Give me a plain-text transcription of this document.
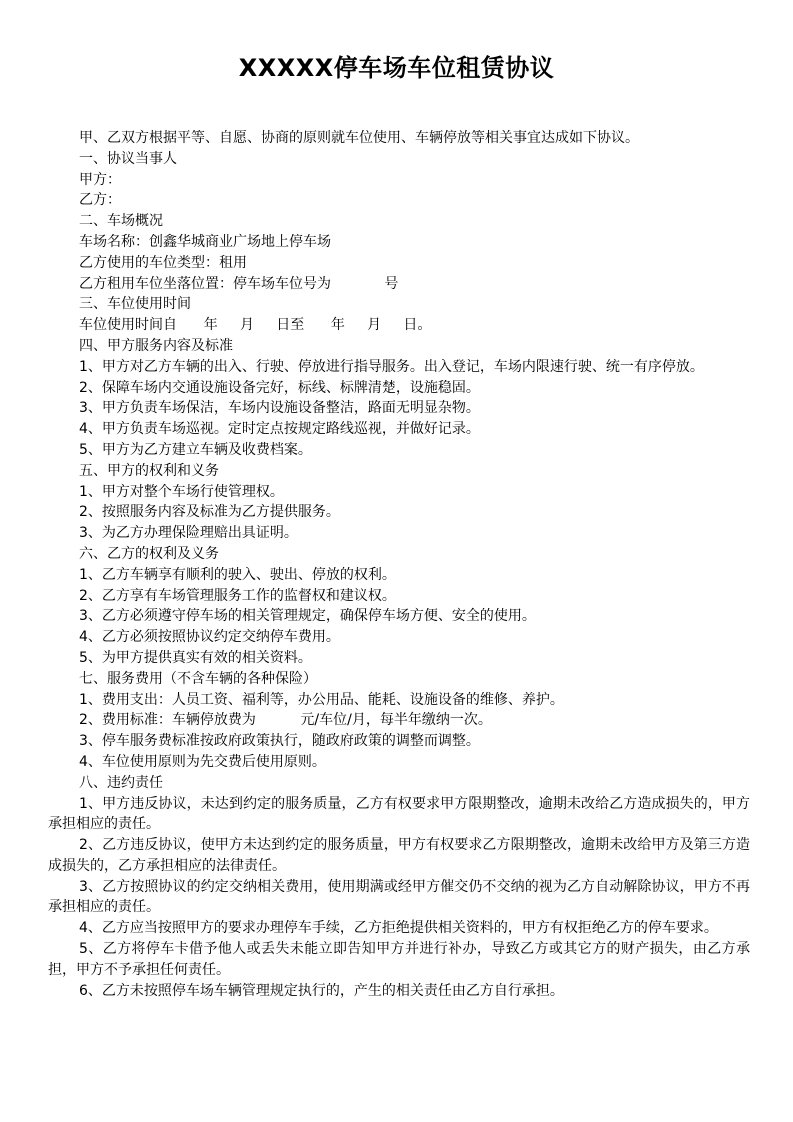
XXXXX停车场车位租赁协议

甲、乙双方根据平等、自愿、协商的原则就车位使用、车辆停放等相关事宜达成如下协议。

一、协议当事人

甲方：

乙方：

二、车场概况

车场名称：创鑫华城商业广场地上停车场

乙方使用的车位类型：租用

乙方租用车位坐落位置：停车场车位号为            号

三、车位使用时间

车位使用时间自      年     月     日至      年     月     日。

四、甲方服务内容及标准

1、甲方对乙方车辆的出入、行驶、停放进行指导服务。出入登记，车场内限速行驶、统一有序停放。

2、保障车场内交通设施设备完好，标线、标牌清楚，设施稳固。

3、甲方负责车场保洁，车场内设施设备整洁，路面无明显杂物。

4、甲方负责车场巡视。定时定点按规定路线巡视，并做好记录。

5、甲方为乙方建立车辆及收费档案。

五、甲方的权利和义务

1、甲方对整个车场行使管理权。

2、按照服务内容及标准为乙方提供服务。

3、为乙方办理保险理赔出具证明。

六、乙方的权利及义务

1、乙方车辆享有顺利的驶入、驶出、停放的权利。

2、乙方享有车场管理服务工作的监督权和建议权。

3、乙方必须遵守停车场的相关管理规定，确保停车场方便、安全的使用。

4、乙方必须按照协议约定交纳停车费用。

5、为甲方提供真实有效的相关资料。

七、服务费用（不含车辆的各种保险）

1、费用支出：人员工资、福利等，办公用品、能耗、设施设备的维修、养护。

2、费用标准：车辆停放费为          元/车位/月，每半年缴纳一次。

3、停车服务费标准按政府政策执行，随政府政策的调整而调整。

4、车位使用原则为先交费后使用原则。

八、违约责任

1、甲方违反协议，未达到约定的服务质量，乙方有权要求甲方限期整改，逾期未改给乙方造成损失的，甲方承担相应的责任。

2、乙方违反协议，使甲方未达到约定的服务质量，甲方有权要求乙方限期整改，逾期未改给甲方及第三方造成损失的，乙方承担相应的法律责任。

3、乙方按照协议的约定交纳相关费用，使用期满或经甲方催交仍不交纳的视为乙方自动解除协议，甲方不再承担相应的责任。

4、乙方应当按照甲方的要求办理停车手续，乙方拒绝提供相关资料的，甲方有权拒绝乙方的停车要求。

5、乙方将停车卡借予他人或丢失未能立即告知甲方并进行补办，导致乙方或其它方的财产损失，由乙方承担，甲方不予承担任何责任。

6、乙方未按照停车场车辆管理规定执行的，产生的相关责任由乙方自行承担。
